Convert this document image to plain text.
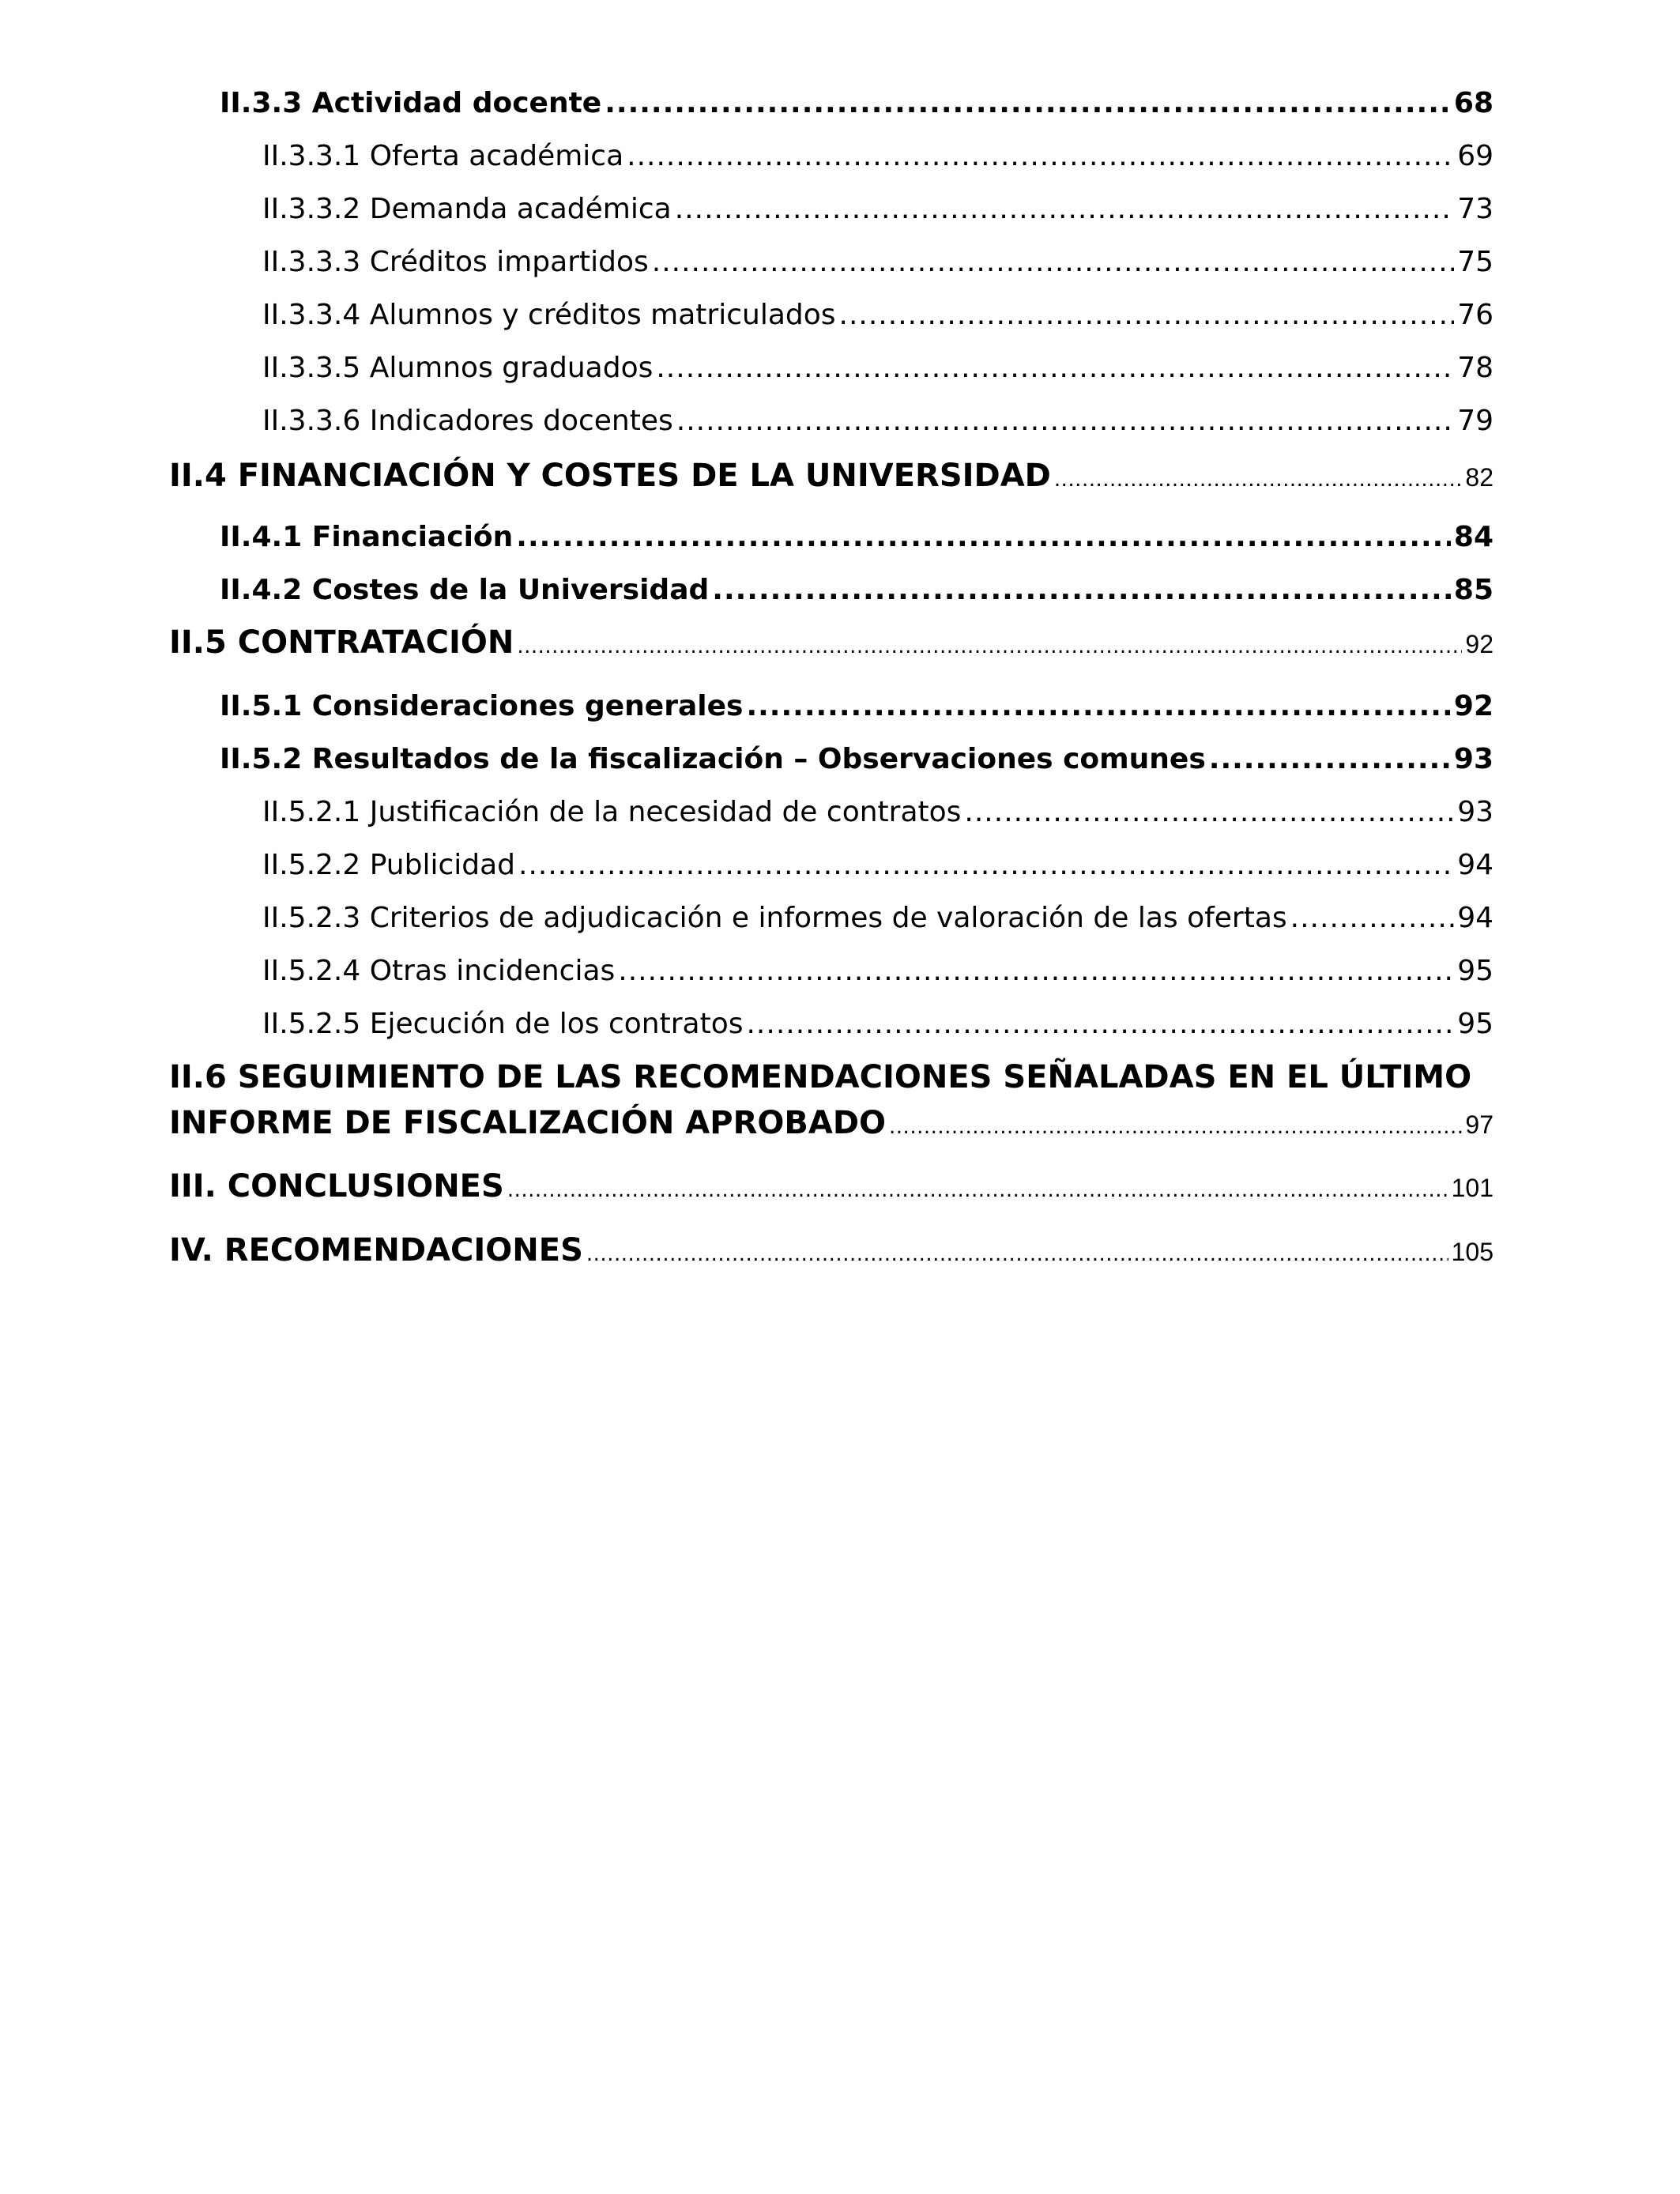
II.3.3 Actividad docente .....	68
II.3.3.1 Oferta académica .....	69
II.3.3.2 Demanda académica .....	73
II.3.3.3 Créditos impartidos .....	75
II.3.3.4 Alumnos y créditos matriculados .....	76
II.3.3.5 Alumnos graduados .....	78
II.3.3.6 Indicadores docentes .....	79
II.4 FINANCIACIÓN Y COSTES DE LA UNIVERSIDAD .....	82
II.4.1 Financiación .....	84
II.4.2 Costes de la Universidad .....	85
II.5 CONTRATACIÓN .....	92
II.5.1 Consideraciones generales .....	92
II.5.2 Resultados de la fiscalización – Observaciones comunes .....	93
II.5.2.1 Justificación de la necesidad de contratos .....	93
II.5.2.2 Publicidad .....	94
II.5.2.3 Criterios de adjudicación e informes de valoración de las ofertas .....	94
II.5.2.4 Otras incidencias .....	95
II.5.2.5 Ejecución de los contratos .....	95
II.6 SEGUIMIENTO DE LAS RECOMENDACIONES SEÑALADAS EN EL ÚLTIMO
INFORME DE FISCALIZACIÓN APROBADO .....	97
III. CONCLUSIONES .....	101
IV. RECOMENDACIONES .....	105
